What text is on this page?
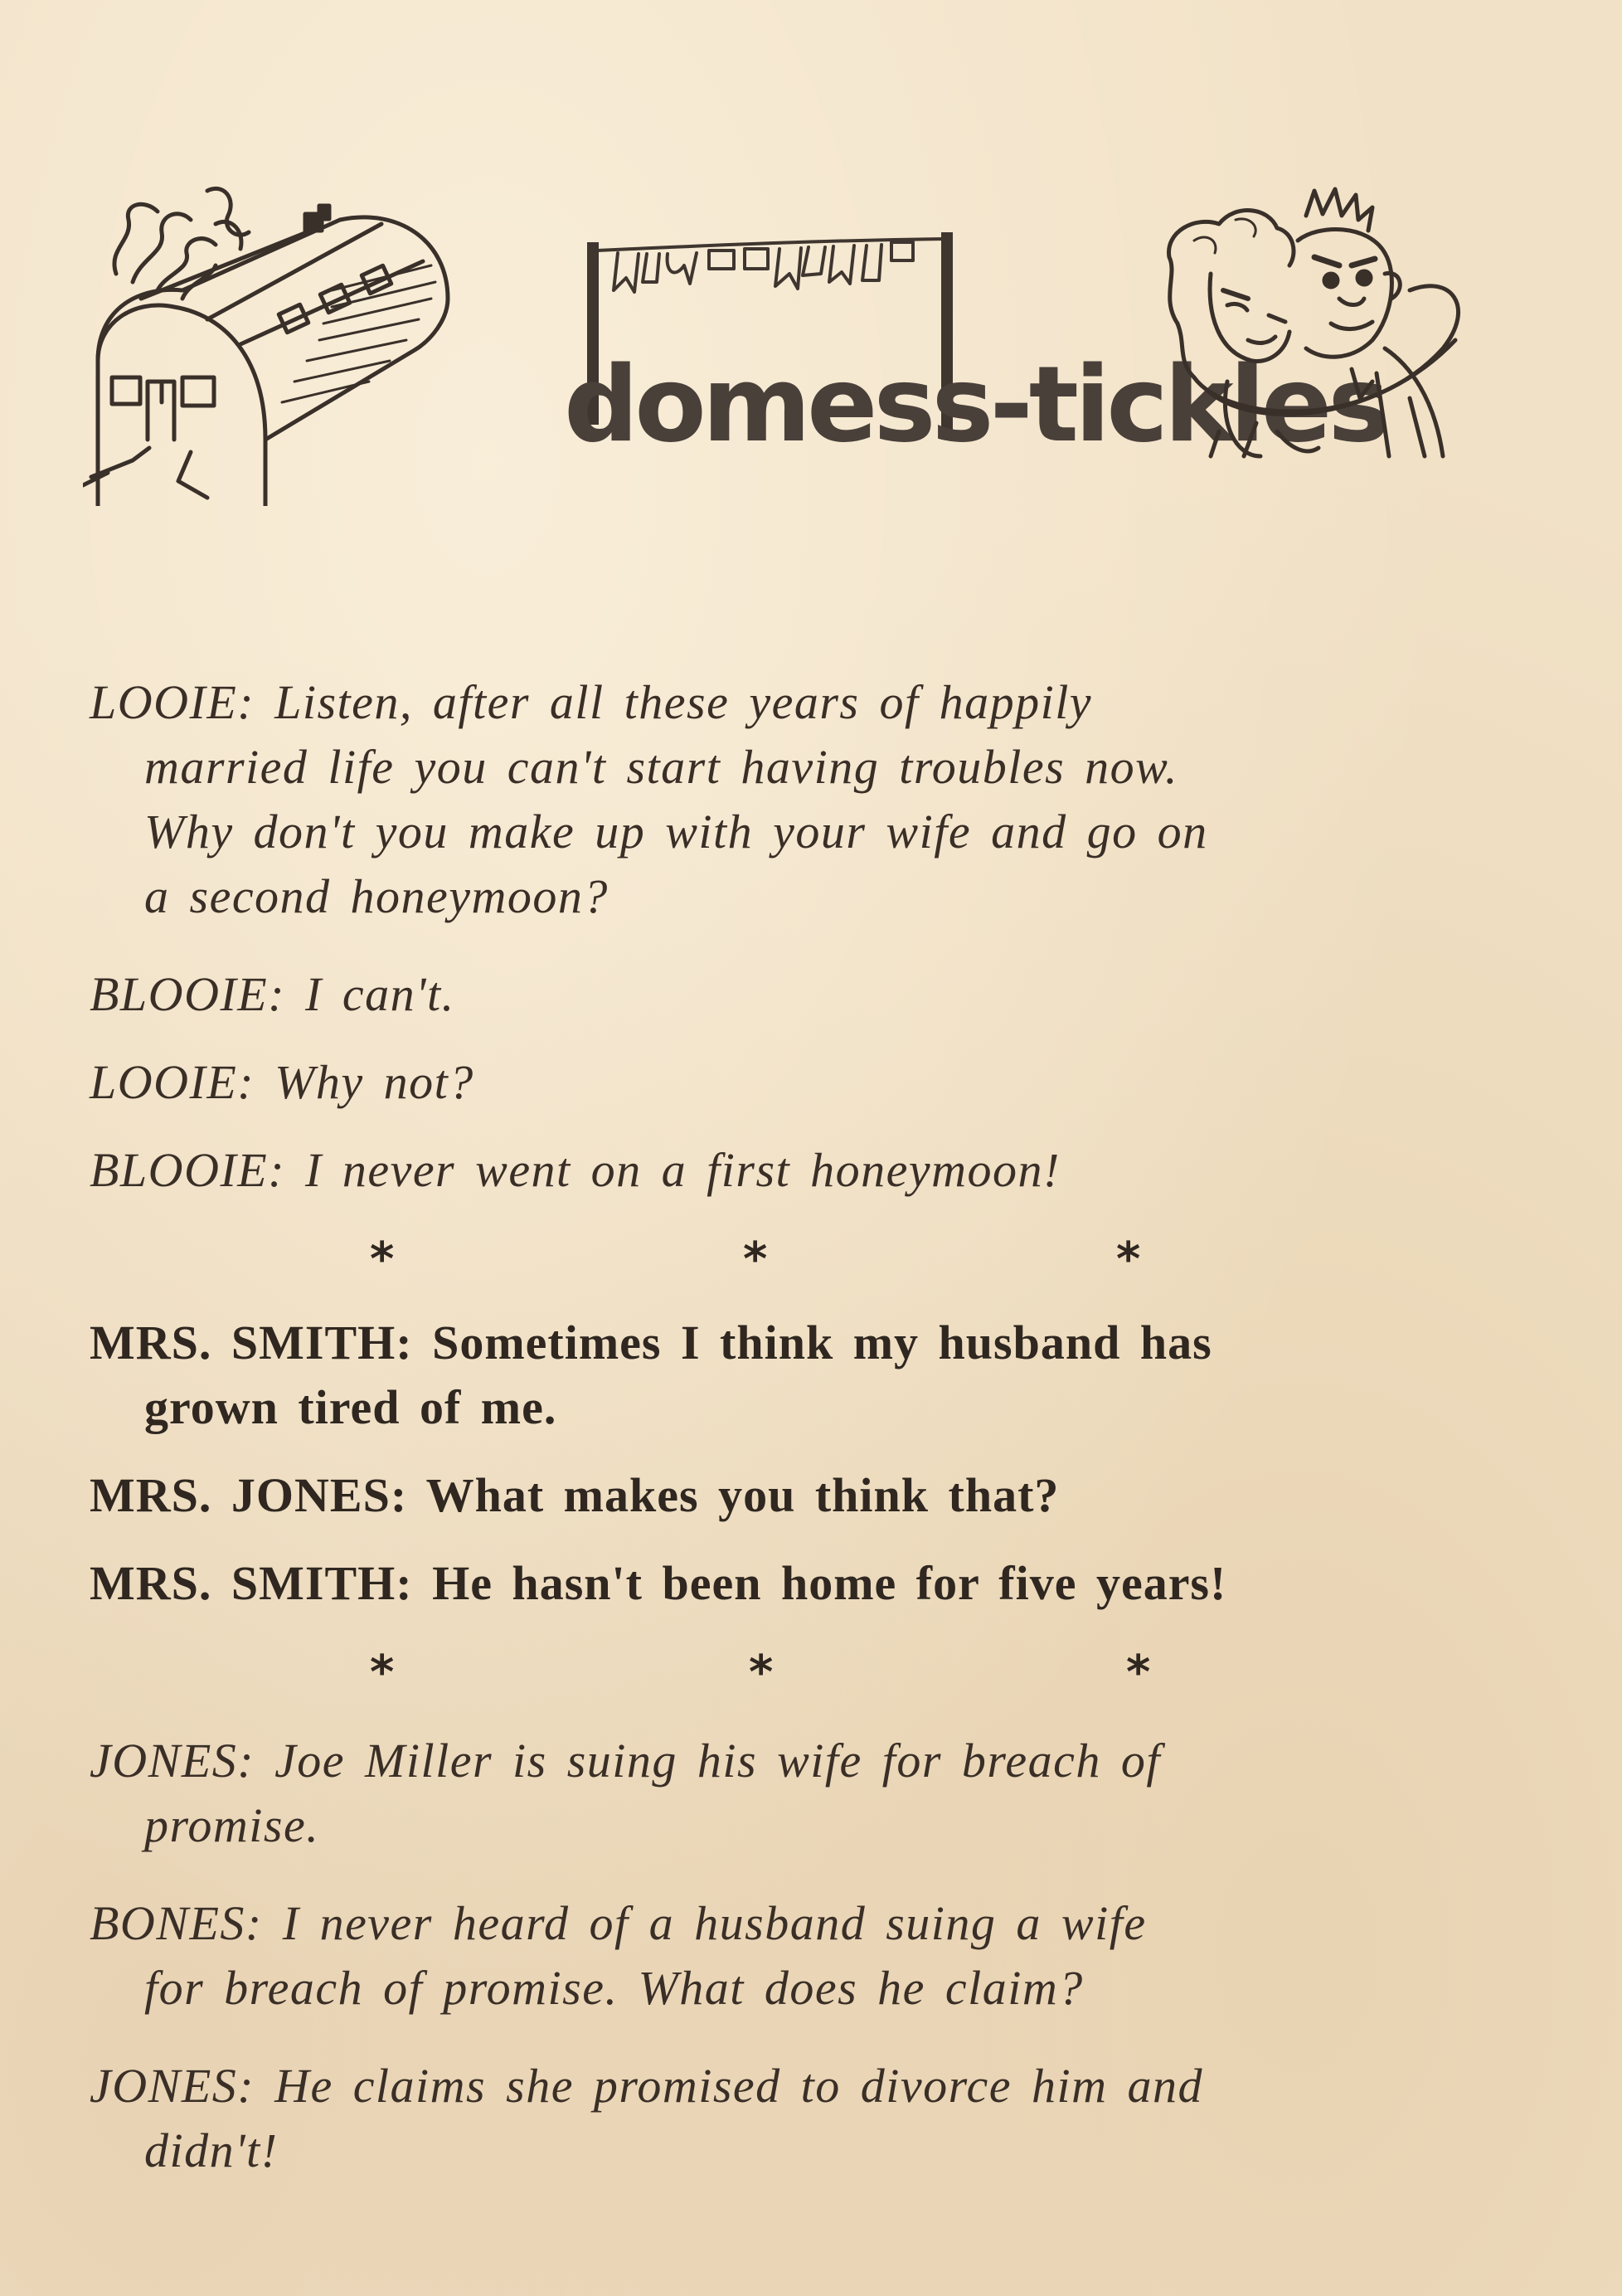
domess-tickles
LOOIE: Listen, after all these years of happily
married life you can't start having troubles now.
Why don't you make up with your wife and go on
a second honeymoon?
BLOOIE: I can't.
LOOIE: Why not?
BLOOIE: I never went on a first honeymoon!
*	*	*
MRS. SMITH: Sometimes I think my husband has
grown tired of me.
MRS. JONES: What makes you think that?
MRS. SMITH: He hasn't been home for five years!
*	*	*
JONES: Joe Miller is suing his wife for breach of
promise.
BONES: I never heard of a husband suing a wife
for breach of promise. What does he claim?
JONES: He claims she promised to divorce him and
didn't!
